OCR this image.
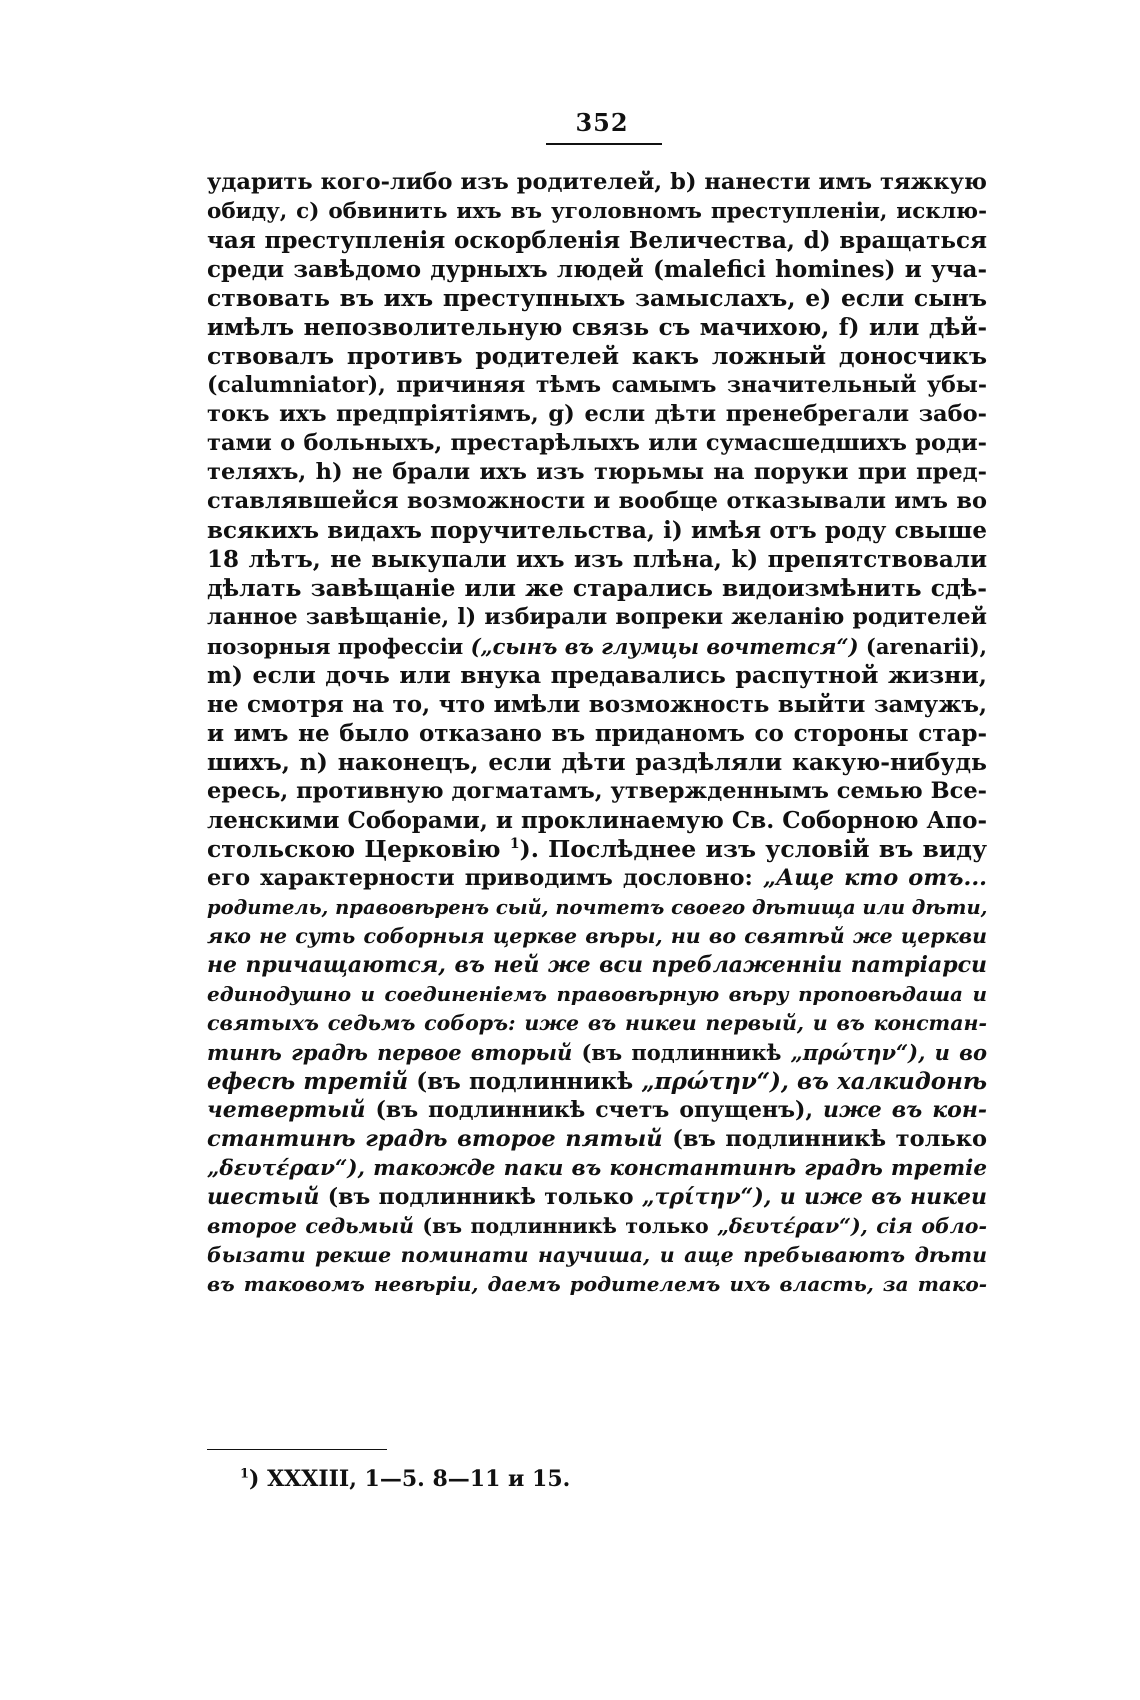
352
ударить кого-либо изъ родителей, b) нанести имъ тяжкую
обиду, c) обвинить ихъ въ уголовномъ преступленіи, исклю-
чая преступленія оскорбленія Величества, d) вращаться
среди завѣдомо дурныхъ людей (malefici homines) и уча-
ствовать въ ихъ преступныхъ замыслахъ, e) если сынъ
имѣлъ непозволительную связь съ мачихою, f) или дѣй-
ствовалъ противъ родителей какъ ложный доносчикъ
(calumniator), причиняя тѣмъ самымъ значительный убы-
токъ ихъ предпріятіямъ, g) если дѣти пренебрегали забо-
тами о больныхъ, престарѣлыхъ или сумасшедшихъ роди-
теляхъ, h) не брали ихъ изъ тюрьмы на поруки при пред-
ставлявшейся возможности и вообще отказывали имъ во
всякихъ видахъ поручительства, i) имѣя отъ роду свыше
18 лѣтъ, не выкупали ихъ изъ плѣна, k) препятствовали
дѣлать завѣщаніе или же старались видоизмѣнить сдѣ-
ланное завѣщаніе, l) избирали вопреки желанію родителей
позорныя профессіи („сынъ въ глумцы вочтется“) (arenarii),
m) если дочь или внука предавались распутной жизни,
не смотря на то, что имѣли возможность выйти замужъ,
и имъ не было отказано въ приданомъ со стороны стар-
шихъ, n) наконецъ, если дѣти раздѣляли какую-нибудь
ересь, противную догматамъ, утвержденнымъ семью Все-
ленскими Соборами, и проклинаемую Св. Соборною Апо-
стольскою Церковію $^1$). Послѣднее изъ условій въ виду
его характерности приводимъ дословно: „Аще кто отъ...
родитель, правовѣренъ сый, почтетъ своего дѣтища или дѣти,
яко не суть соборныя церкве вѣры, ни во святѣй же церкви
не причащаются, въ ней же вси преблаженніи патріарси
единодушно и соединеніемъ правовѣрную вѣру проповѣдаша и
святыхъ седьмъ соборъ: иже въ никеи первый, и въ констан-
тинѣ градѣ первое вторый (въ подлинникѣ „πρώτην“), и во
ефесѣ третій (въ подлинникѣ „πρώτην“), въ халкидонѣ
четвертый (въ подлинникѣ счетъ опущенъ), иже въ кон-
стантинѣ градѣ второе пятый (въ подлинникѣ только
„δευτέραν“), такожде паки въ константинѣ градѣ третіе
шестый (въ подлинникѣ только „τρίτην“), и иже въ никеи
второе седьмый (въ подлинникѣ только „δευτέραν“), сія обло-
бызати рекше поминати научиша, и аще пребываютъ дѣти
въ таковомъ невѣріи, даемъ родителемъ ихъ власть, за тако-
$^1$) XXXIII, 1—5. 8—11 и 15.
